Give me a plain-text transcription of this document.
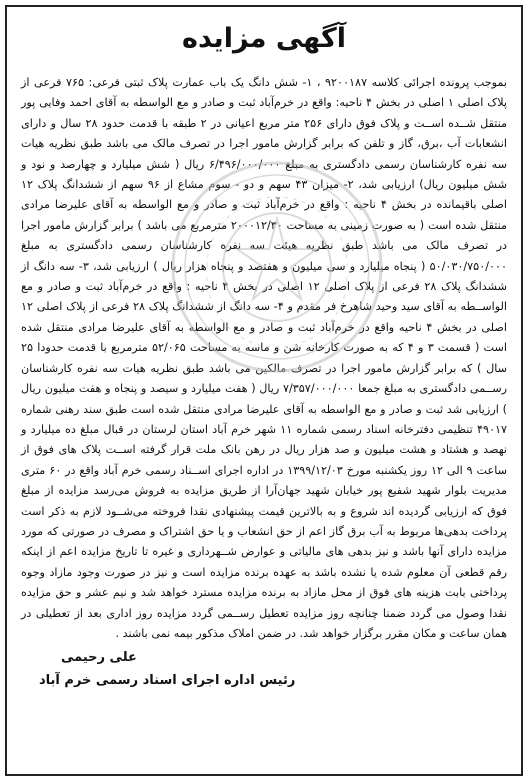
آگهی مزایده

بموجب پرونده اجرائی کلاسه ۹۲۰۰۱۸۷ ، ۱- شش دانگ یک باب عمارت پلاک ثبتی فرعی: ۷۶۵ فرعی از پلاک اصلی ۱ اصلی در بخش ۴ ناحیه: واقع در خرم‌آباد ثبت و صادر و مع الواسطه به آقای احمد وفایی پور منتقل شــده اســت و پلاک فوق دارای ۲۵۶ متر مربع اعیانی در ۲ طبقه با قدمت حدود ۲۸ سال و دارای انشعابات آب ،برق، گاز و تلفن که برابر گزارش مامور اجرا در تصرف مالک می باشد طبق نظریه هیات سه نفره کارشناسان رسمی دادگستری به مبلغ ۶/۴۹۶/۰۰۰/۰۰۰ ریال ( شش میلیارد و چهارصد و نود و شش میلیون ریال) ارزیابی شد، ۲- میزان ۴۳ سهم و دو - سوم مشاع از ۹۶ سهم از ششدانگ پلاک ۱۲ اصلی باقیمانده در بخش ۴ ناحیه : واقع در خرم‌آباد ثبت و صادر و مع الواسطه به آقای علیرضا مرادی منتقل شده است ( به صورت زمینی به مساحت ۲۰۰۰۱۲/۳۰ مترمربع می باشد ) برابر گزارش مامور اجرا در تصرف مالک می باشد طبق نظریه هیئت سه نفره کارشناسان رسمی دادگستری به مبلغ ۵۰/۰۳۰/۷۵۰/۰۰۰ ( پنجاه میلیارد و سی میلیون و هفتصد و پنجاه هزار ریال ) ارزیابی شد، ۳- سه دانگ از ششدانگ پلاک ۲۸ فرعی از پلاک اصلی ۱۲ اصلی در بخش ۴ ناحیه : واقع در خرم‌آباد ثبت و صادر و مع الواســطه به آقای سید وحید شاهرخ فر مقدم و ۴- سه دانگ از ششدانگ پلاک ۲۸ فرعی از پلاک اصلی ۱۲ اصلی در بخش ۴ ناحیه واقع در خرم‌آباد ثبت و صادر و مع الواسطه به آقای علیرضا مرادی منتقل شده است ( قسمت ۳ و ۴ که به صورت کارخانه شن و ماسه به مساحت ۵۲/۰۶۵ مترمربع با قدمت حدودا ۲۵ سال ) که برابر گزارش مامور اجرا در تصرف مالکین می باشد طبق نظریه هیات سه نفره کارشناسان رســمی دادگستری به مبلغ جمعا ۷/۳۵۷/۰۰۰/۰۰۰ ریال ( هفت میلیارد و سیصد و پنجاه و هفت میلیون ریال ) ارزیابی شد ثبت و صادر و مع الواسطه به آقای علیرضا مرادی منتقل شده است طبق سند رهنی شماره ۴۹۰۱۷ تنظیمی دفترخانه اسناد رسمی شماره ۱۱ شهر خرم آباد استان لرستان در قبال مبلغ ده میلیارد و نهصد و هشتاد و هشت میلیون و صد هزار ریال در رهن بانک ملت قرار گرفته اســت پلاک های فوق از ساعت ۹ الی ۱۲ روز یکشنبه مورخ ۱۳۹۹/۱۲/۰۳ در اداره اجرای اســناد رسمی خرم آباد واقع در ۶۰ متری مدیریت بلوار شهید شفیع پور خیابان شهید جهان‌آرا از طریق مزایده به فروش می‌رسد مزایده از مبلغ فوق که ارزیابی گردیده اند شروع و به بالاترین قیمت پیشنهادی نقدا فروخته می‌شــود لازم به ذکر است پرداخت بدهی‌ها مربوط به آب برق گاز اعم از حق انشعاب و یا حق اشتراک و مصرف در صورتی که مورد مزایده دارای آنها باشد و نیز بدهی های مالیاتی و عوارض شــهرداری و غیره تا تاریخ مزایده اعم از اینکه رقم قطعی آن معلوم شده یا نشده باشد به عهده برنده مزایده است و نیز در صورت وجود مازاد وجوه پرداختی بابت هزینه های فوق از محل مازاد به برنده مزایده مسترد خواهد شد و نیم عشر و حق مزایده نقدا وصول می گردد ضمنا چنانچه روز مزایده تعطیل رســمی گردد مزایده روز اداری بعد از تعطیلی در همان ساعت و مکان مقرر برگزار خواهد شد. در ضمن املاک مذکور بیمه نمی باشند .

علی رحیمی
رئیس اداره اجرای اسناد رسمی خرم آباد
